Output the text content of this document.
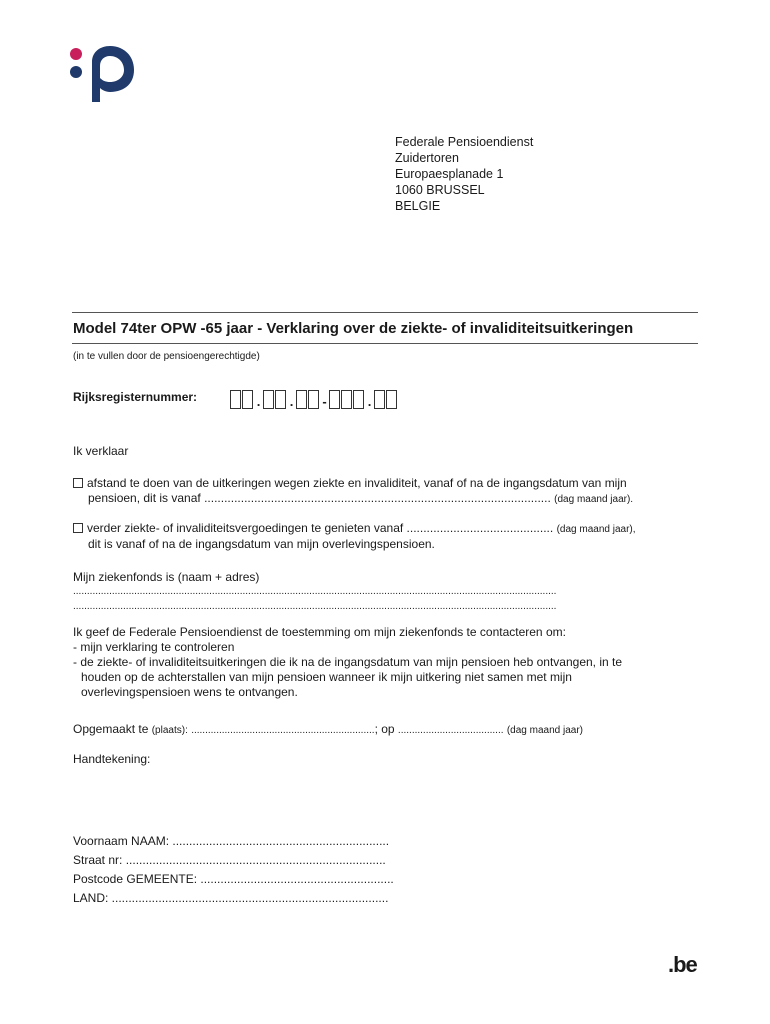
Federale Pensioendienst
Zuidertoren
Europaesplanade 1
1060 BRUSSEL
BELGIE
Model 74ter OPW -65 jaar - Verklaring over de ziekte- of invaliditeitsuitkeringen
(in te vullen door de pensioengerechtigde)
Rijksregisternummer:	. . -	.
Ik verklaar
afstand te doen van de uitkeringen wegen ziekte en invaliditeit, vanaf of na de ingangsdatum van mijn
pensioen, dit is vanaf ........................................................................................................ (dag maand jaar).
verder ziekte- of invaliditeitsvergoedingen te genieten vanaf ............................................ (dag maand jaar),
dit is vanaf of na de ingangsdatum van mijn overlevingspensioen.
Mijn ziekenfonds is (naam + adres)
..............................................................................................................................................................................
..............................................................................................................................................................................
Ik geef de Federale Pensioendienst de toestemming om mijn ziekenfonds te contacteren om:
- mijn verklaring te controleren
- de ziekte- of invaliditeitsuitkeringen die ik na de ingangsdatum van mijn pensioen heb ontvangen, in te
houden op de achterstallen van mijn pensioen wanneer ik mijn uitkering niet samen met mijn
overlevingspensioen wens te ontvangen.
Opgemaakt te (plaats): ..................................................................; op ...................................... (dag maand jaar)
Handtekening:
Voornaam NAAM: .................................................................
Straat nr: ..............................................................................
Postcode GEMEENTE: ..........................................................
LAND: ...................................................................................
.be
